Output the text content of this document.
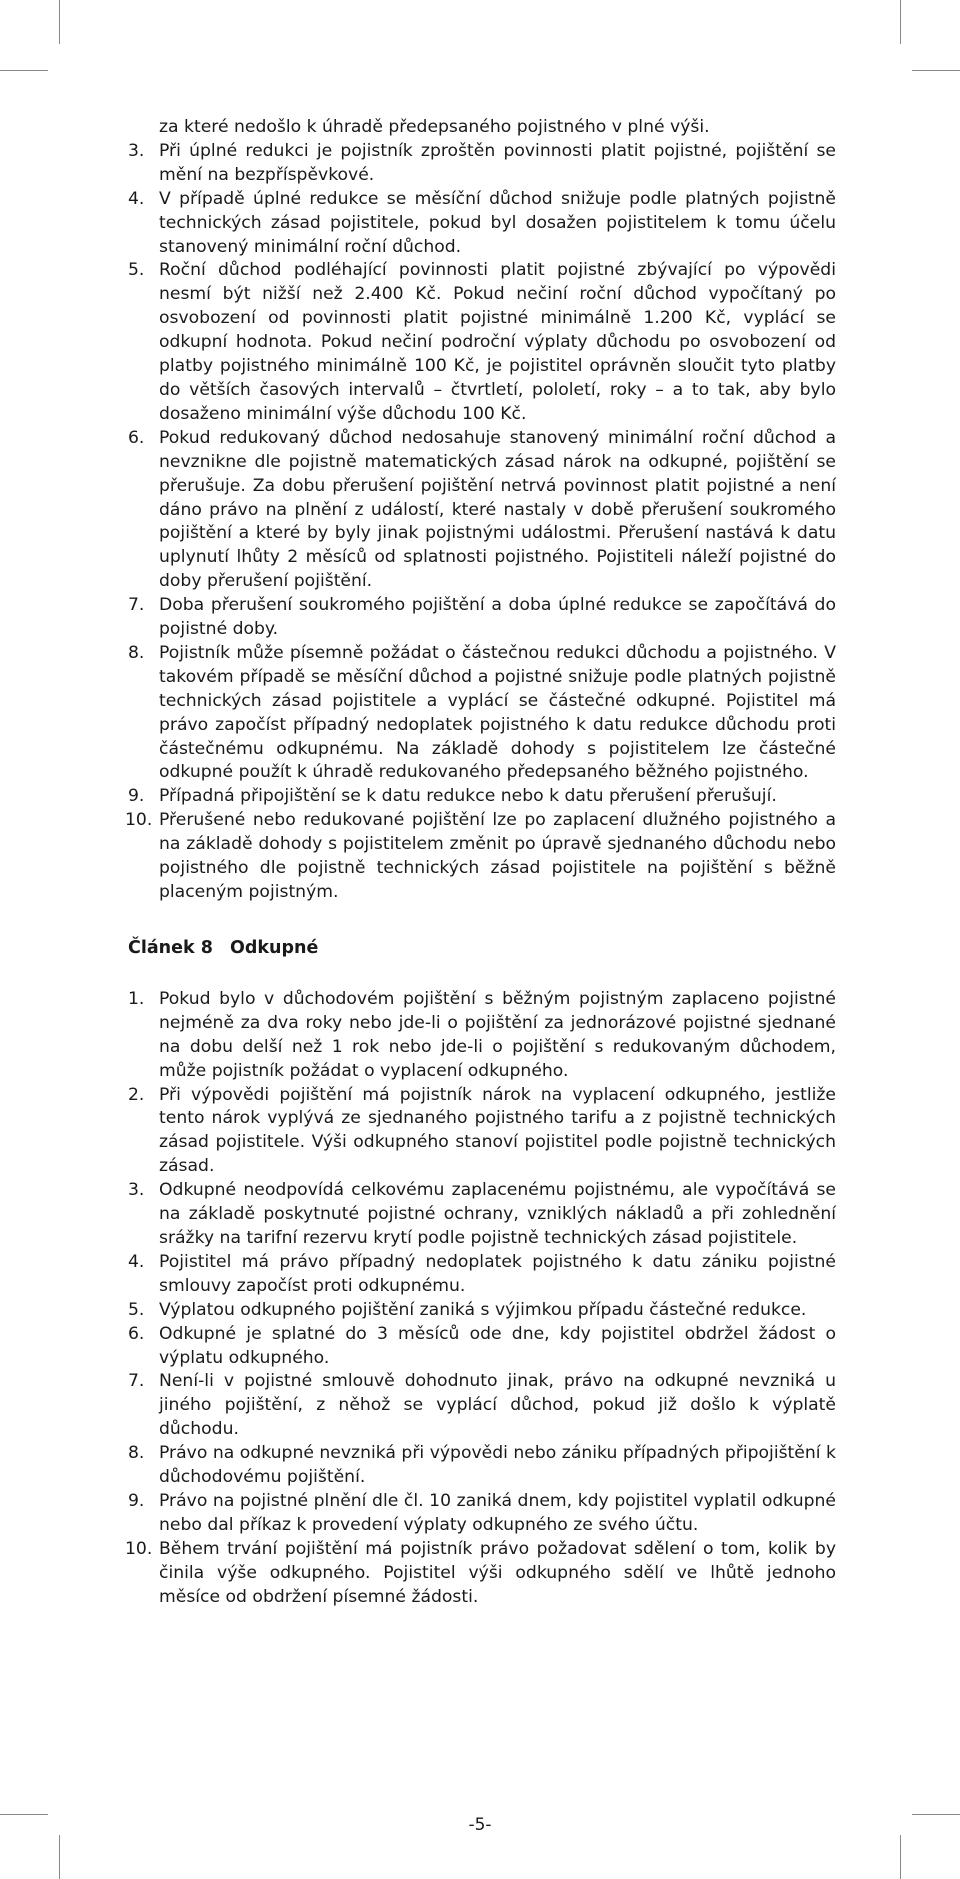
za které nedošlo k úhradě předepsaného pojistného v plné výši.
3. Při úplné redukci je pojistník zproštěn povinnosti platit pojistné, pojištění se mění na bezpříspěvkové.
4. V případě úplné redukce se měsíční důchod snižuje podle platných pojistně technických zásad pojistitele, pokud byl dosažen pojistitelem k tomu účelu stanovený minimální roční důchod.
5. Roční důchod podléhající povinnosti platit pojistné zbývající po výpovědi nesmí být nižší než 2.400 Kč. Pokud nečiní roční důchod vypočítaný po osvobození od povinnosti platit pojistné minimálně 1.200 Kč, vyplácí se odkupní hodnota. Pokud nečiní področní výplaty důchodu po osvobození od platby pojistného minimálně 100 Kč, je pojistitel oprávněn sloučit tyto platby do větších časových intervalů – čtvrtletí, pololetí, roky – a to tak, aby bylo dosaženo minimální výše důchodu 100 Kč.
6. Pokud redukovaný důchod nedosahuje stanovený minimální roční důchod a nevznikne dle pojistně matematických zásad nárok na odkupné, pojištění se přerušuje. Za dobu přerušení pojištění netrvá povinnost platit pojistné a není dáno právo na plnění z událostí, které nastaly v době přerušení soukromého pojištění a které by byly jinak pojistnými událostmi. Přerušení nastává k datu uplynutí lhůty 2 měsíců od splatnosti pojistného. Pojistiteli náleží pojistné do doby přerušení pojištění.
7. Doba přerušení soukromého pojištění a doba úplné redukce se započítává do pojistné doby.
8. Pojistník může písemně požádat o částečnou redukci důchodu a pojistného. V takovém případě se měsíční důchod a pojistné snižuje podle platných pojistně technických zásad pojistitele a vyplácí se částečné odkupné. Pojistitel má právo započíst případný nedoplatek pojistného k datu redukce důchodu proti částečnému odkupnému. Na základě dohody s pojistitelem lze částečné odkupné použít k úhradě redukovaného předepsaného běžného pojistného.
9. Případná připojištění se k datu redukce nebo k datu přerušení přerušují.
10. Přerušené nebo redukované pojištění lze po zaplacení dlužného pojistného a na základě dohody s pojistitelem změnit po úpravě sjednaného důchodu nebo pojistného dle pojistně technických zásad pojistitele na pojištění s běžně placeným pojistným.
Článek 8 Odkupné
1. Pokud bylo v důchodovém pojištění s běžným pojistným zaplaceno pojistné nejméně za dva roky nebo jde-li o pojištění za jednorázové pojistné sjednané na dobu delší než 1 rok nebo jde-li o pojištění s redukovaným důchodem, může pojistník požádat o vyplacení odkupného.
2. Při výpovědi pojištění má pojistník nárok na vyplacení odkupného, jestliže tento nárok vyplývá ze sjednaného pojistného tarifu a z pojistně technických zásad pojistitele. Výši odkupného stanoví pojistitel podle pojistně technických zásad.
3. Odkupné neodpovídá celkovému zaplacenému pojistnému, ale vypočítává se na základě poskytnuté pojistné ochrany, vzniklých nákladů a při zohlednění srážky na tarifní rezervu krytí podle pojistně technických zásad pojistitele.
4. Pojistitel má právo případný nedoplatek pojistného k datu zániku pojistné smlouvy započíst proti odkupnému.
5. Výplatou odkupného pojištění zaniká s výjimkou případu částečné redukce.
6. Odkupné je splatné do 3 měsíců ode dne, kdy pojistitel obdržel žádost o výplatu odkupného.
7. Není-li v pojistné smlouvě dohodnuto jinak, právo na odkupné nevzniká u jiného pojištění, z něhož se vyplácí důchod, pokud již došlo k výplatě důchodu.
8. Právo na odkupné nevzniká při výpovědi nebo zániku případných připojištění k důchodovému pojištění.
9. Právo na pojistné plnění dle čl. 10 zaniká dnem, kdy pojistitel vyplatil odkupné nebo dal příkaz k provedení výplaty odkupného ze svého účtu.
10. Během trvání pojištění má pojistník právo požadovat sdělení o tom, kolik by činila výše odkupného. Pojistitel výši odkupného sdělí ve lhůtě jednoho měsíce od obdržení písemné žádosti.
-5-
